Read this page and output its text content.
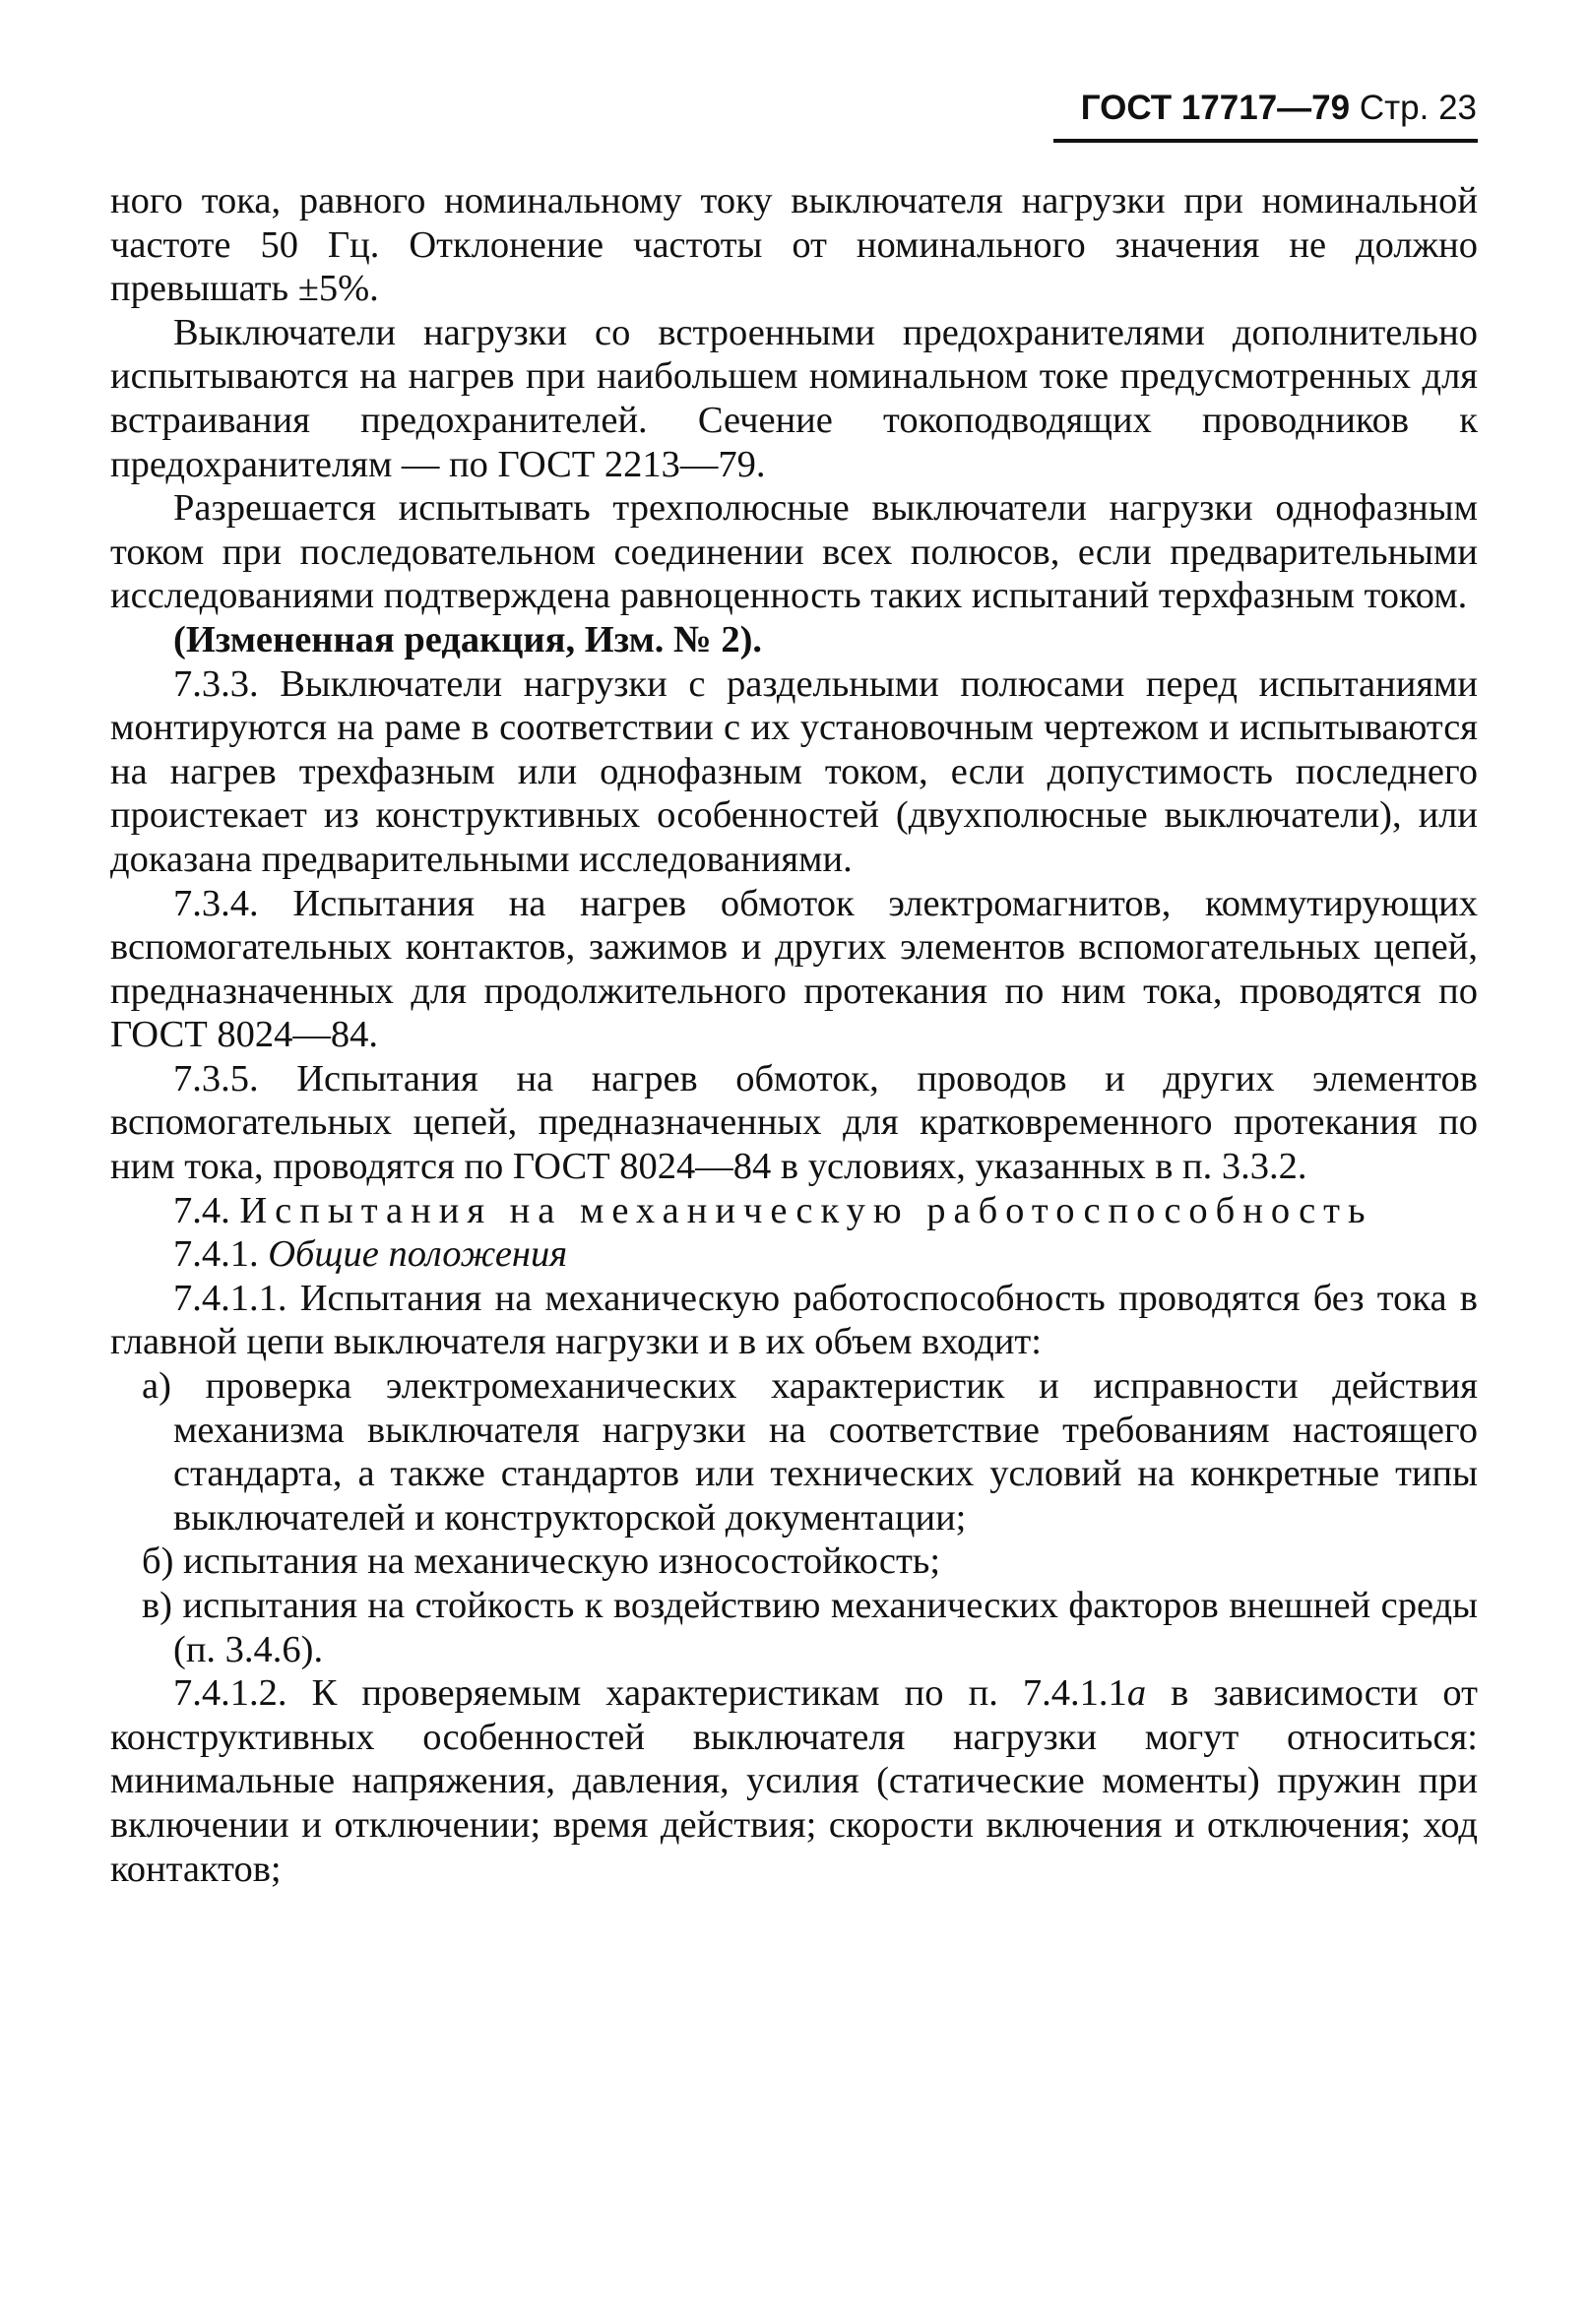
ГОСТ 17717—79 Стр. 23

ного тока, равного номинальному току выключателя нагрузки при номинальной частоте 50 Гц. Отклонение частоты от номинального значения не должно превышать ±5%.

Выключатели нагрузки со встроенными предохранителями дополнительно испытываются на нагрев при наибольшем номинальном токе предусмотренных для встраивания предохранителей. Сечение токоподводящих проводников к предохранителям — по ГОСТ 2213—79.

Разрешается испытывать трехполюсные выключатели нагрузки однофазным током при последовательном соединении всех полюсов, если предварительными исследованиями подтверждена равноценность таких испытаний терхфазным током.

(Измененная редакция, Изм. № 2).

7.3.3. Выключатели нагрузки с раздельными полюсами перед испытаниями монтируются на раме в соответствии с их установочным чертежом и испытываются на нагрев трехфазным или однофазным током, если допустимость последнего проистекает из конструктивных особенностей (двухполюсные выключатели), или доказана предварительными исследованиями.

7.3.4. Испытания на нагрев обмоток электромагнитов, коммутирующих вспомогательных контактов, зажимов и других элементов вспомогательных цепей, предназначенных для продолжительного протекания по ним тока, проводятся по ГОСТ 8024—84.

7.3.5. Испытания на нагрев обмоток, проводов и других элементов вспомогательных цепей, предназначенных для кратковременного протекания по ним тока, проводятся по ГОСТ 8024—84 в условиях, указанных в п. 3.3.2.

7.4. Испытания на механическую работоспособность

7.4.1. Общие положения

7.4.1.1. Испытания на механическую работоспособность проводятся без тока в главной цепи выключателя нагрузки и в их объем входит:

а) проверка электромеханических характеристик и исправности действия механизма выключателя нагрузки на соответствие требованиям настоящего стандарта, а также стандартов или технических условий на конкретные типы выключателей и конструкторской документации;

б) испытания на механическую износостойкость;

в) испытания на стойкость к воздействию механических факторов внешней среды (п. 3.4.6).

7.4.1.2. К проверяемым характеристикам по п. 7.4.1.1а в зависимости от конструктивных особенностей выключателя нагрузки могут относиться: минимальные напряжения, давления, усилия (статические моменты) пружин при включении и отключении; время действия; скорости включения и отключения; ход контактов;
